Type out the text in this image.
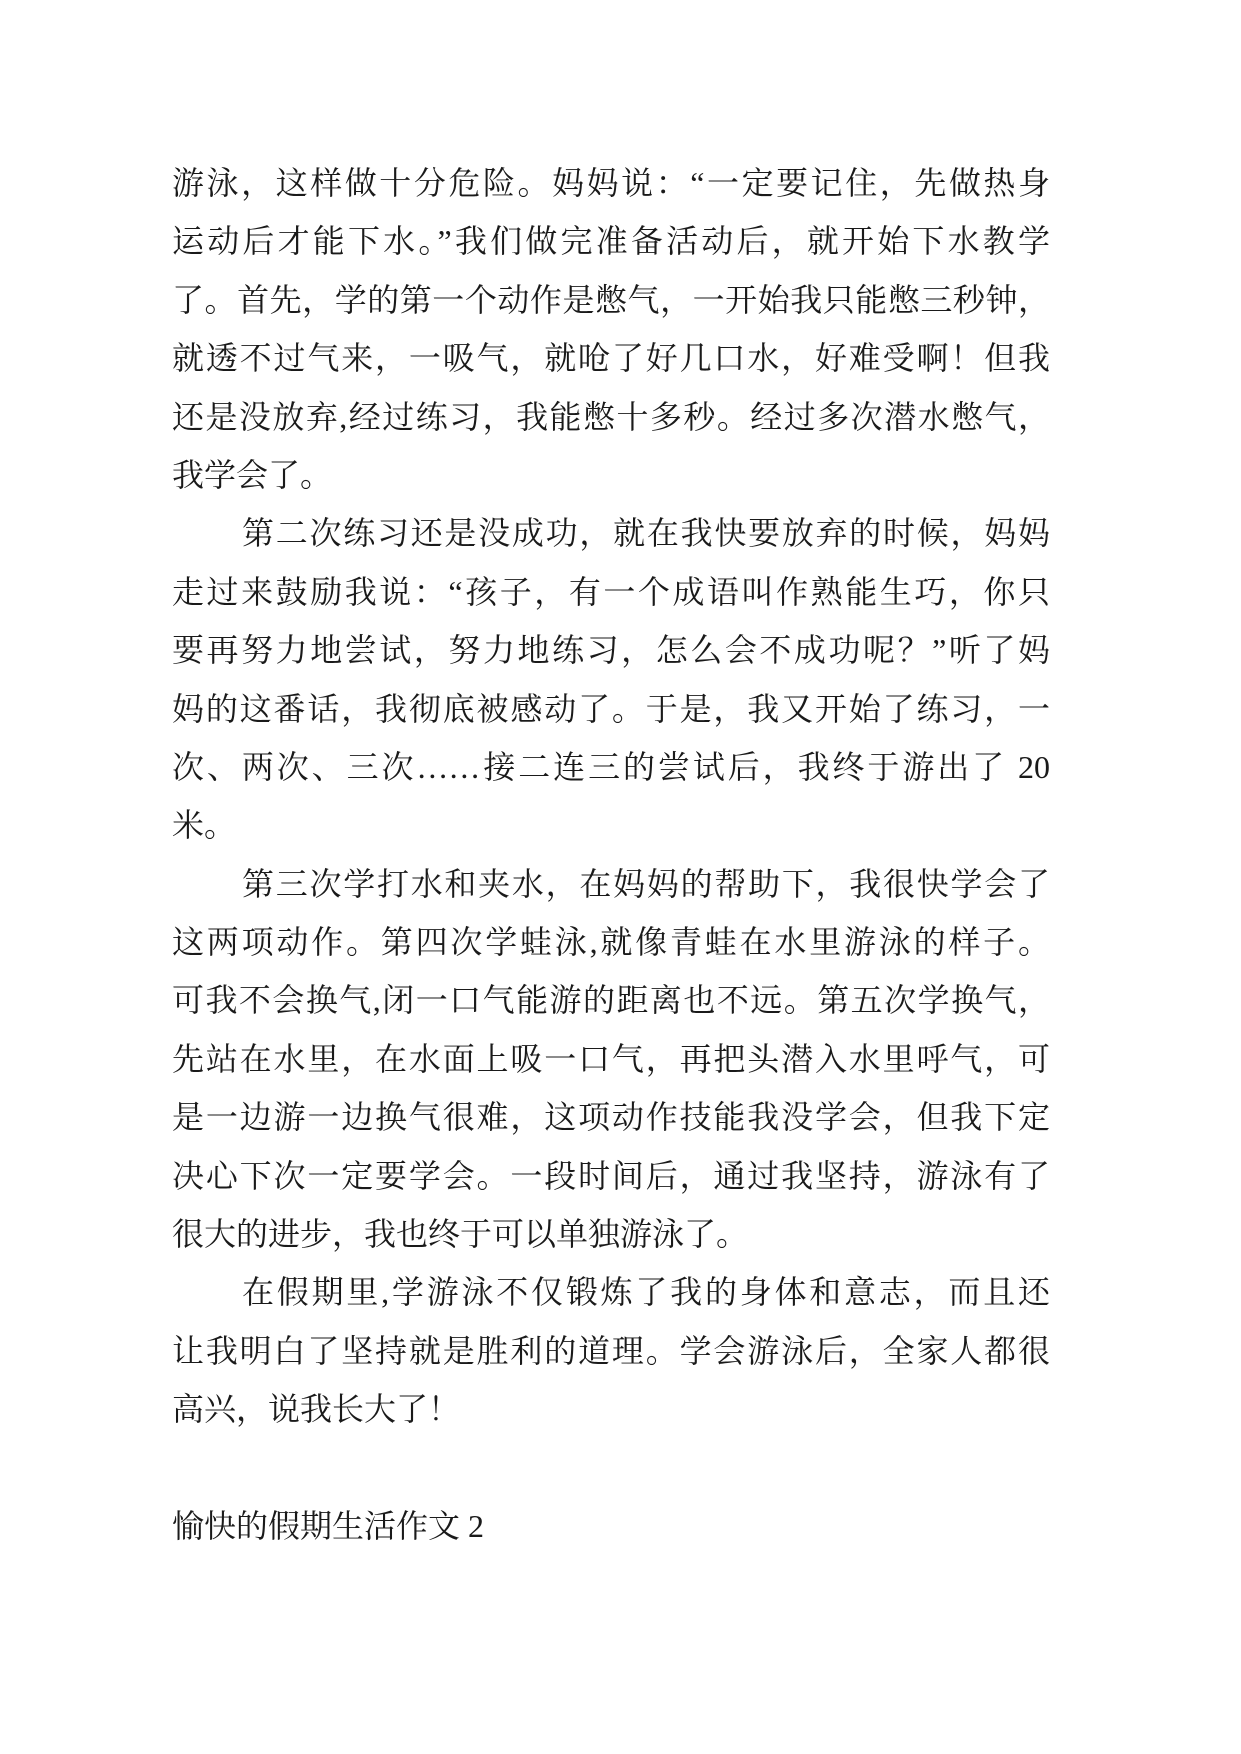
游泳，这样做十分危险。妈妈说：“一定要记住，先做热身
运动后才能下水。”我们做完准备活动后，就开始下水教学
了。首先，学的第一个动作是憋气，一开始我只能憋三秒钟，
就透不过气来，一吸气，就呛了好几口水，好难受啊！但我
还是没放弃,经过练习，我能憋十多秒。经过多次潜水憋气，
我学会了。
第二次练习还是没成功，就在我快要放弃的时候，妈妈
走过来鼓励我说：“孩子，有一个成语叫作熟能生巧，你只
要再努力地尝试，努力地练习，怎么会不成功呢？”听了妈
妈的这番话，我彻底被感动了。于是，我又开始了练习，一
次、两次、三次……接二连三的尝试后，我终于游出了 20
米。
第三次学打水和夹水，在妈妈的帮助下，我很快学会了
这两项动作。第四次学蛙泳,就像青蛙在水里游泳的样子。
可我不会换气,闭一口气能游的距离也不远。第五次学换气，
先站在水里，在水面上吸一口气，再把头潜入水里呼气，可
是一边游一边换气很难，这项动作技能我没学会，但我下定
决心下次一定要学会。一段时间后，通过我坚持，游泳有了
很大的进步，我也终于可以单独游泳了。
在假期里,学游泳不仅锻炼了我的身体和意志，而且还
让我明白了坚持就是胜利的道理。学会游泳后，全家人都很
高兴，说我长大了！
愉快的假期生活作文 2
